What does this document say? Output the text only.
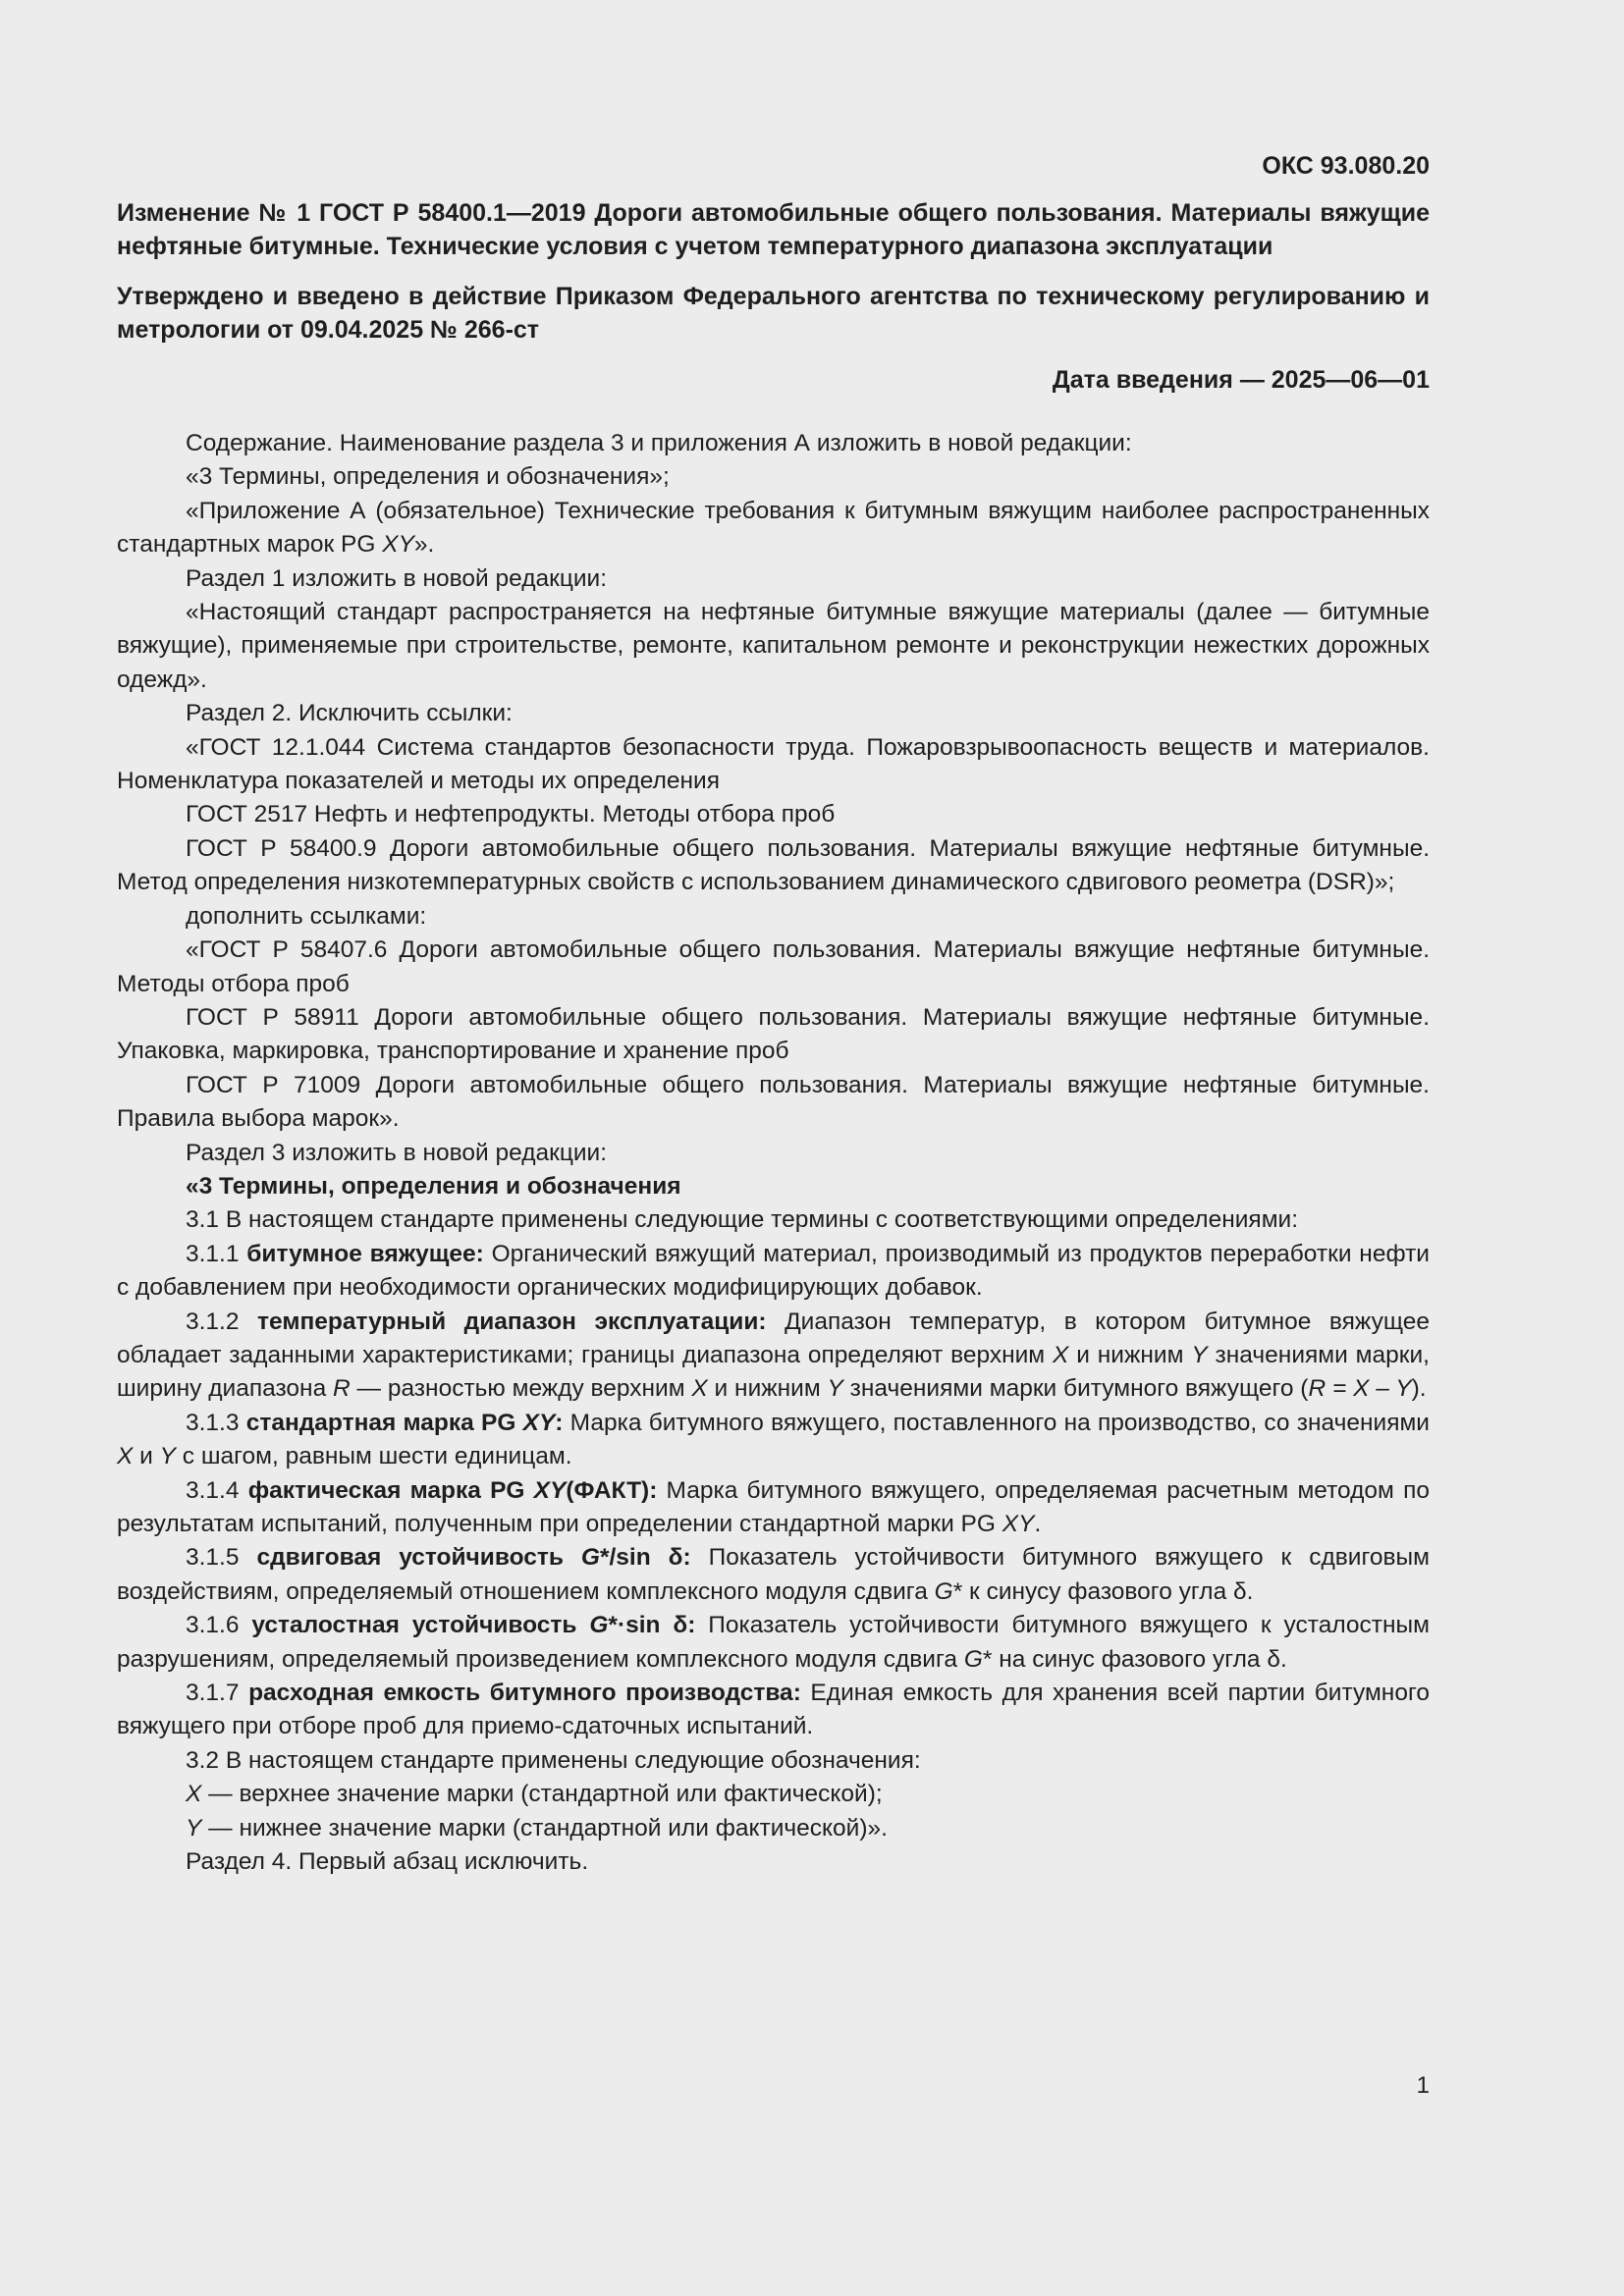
ОКС 93.080.20
Изменение № 1 ГОСТ Р 58400.1—2019 Дороги автомобильные общего пользования. Материалы вяжущие нефтяные битумные. Технические условия с учетом температурного диапазона эксплуатации
Утверждено и введено в действие Приказом Федерального агентства по техническому регулированию и метрологии от 09.04.2025 № 266-ст
Дата введения — 2025—06—01

Содержание. Наименование раздела 3 и приложения А изложить в новой редакции:

«3 Термины, определения и обозначения»;

«Приложение А (обязательное) Технические требования к битумным вяжущим наиболее распространенных стандартных марок PG XY».

Раздел 1 изложить в новой редакции:

«Настоящий стандарт распространяется на нефтяные битумные вяжущие материалы (далее — битумные вяжущие), применяемые при строительстве, ремонте, капитальном ремонте и реконструкции нежестких дорожных одежд».

Раздел 2. Исключить ссылки:

«ГОСТ 12.1.044 Система стандартов безопасности труда. Пожаровзрывоопасность веществ и материалов. Номенклатура показателей и методы их определения

ГОСТ 2517 Нефть и нефтепродукты. Методы отбора проб

ГОСТ Р 58400.9 Дороги автомобильные общего пользования. Материалы вяжущие нефтяные битумные. Метод определения низкотемпературных свойств с использованием динамического сдвигового реометра (DSR)»;

дополнить ссылками:

«ГОСТ Р 58407.6 Дороги автомобильные общего пользования. Материалы вяжущие нефтяные битумные. Методы отбора проб

ГОСТ Р 58911 Дороги автомобильные общего пользования. Материалы вяжущие нефтяные битумные. Упаковка, маркировка, транспортирование и хранение проб

ГОСТ Р 71009 Дороги автомобильные общего пользования. Материалы вяжущие нефтяные битумные. Правила выбора марок».

Раздел 3 изложить в новой редакции:

«3 Термины, определения и обозначения

3.1 В настоящем стандарте применены следующие термины с соответствующими определениями:

3.1.1 битумное вяжущее: Органический вяжущий материал, производимый из продуктов переработки нефти с добавлением при необходимости органических модифицирующих добавок.

3.1.2 температурный диапазон эксплуатации: Диапазон температур, в котором битумное вяжущее обладает заданными характеристиками; границы диапазона определяют верхним X и нижним Y значениями марки, ширину диапазона R — разностью между верхним X и нижним Y значениями марки битумного вяжущего (R = X – Y).

3.1.3 стандартная марка PG XY: Марка битумного вяжущего, поставленного на производство, со значениями X и Y с шагом, равным шести единицам.

3.1.4 фактическая марка PG XY(ФАКТ): Марка битумного вяжущего, определяемая расчетным методом по результатам испытаний, полученным при определении стандартной марки PG XY.

3.1.5 сдвиговая устойчивость G*/sin δ: Показатель устойчивости битумного вяжущего к сдвиговым воздействиям, определяемый отношением комплексного модуля сдвига G* к синусу фазового угла δ.

3.1.6 усталостная устойчивость G*·sin δ: Показатель устойчивости битумного вяжущего к усталостным разрушениям, определяемый произведением комплексного модуля сдвига G* на синус фазового угла δ.

3.1.7 расходная емкость битумного производства: Единая емкость для хранения всей партии битумного вяжущего при отборе проб для приемо-сдаточных испытаний.

3.2 В настоящем стандарте применены следующие обозначения:

X — верхнее значение марки (стандартной или фактической);

Y — нижнее значение марки (стандартной или фактической)».

Раздел 4. Первый абзац исключить.

1
